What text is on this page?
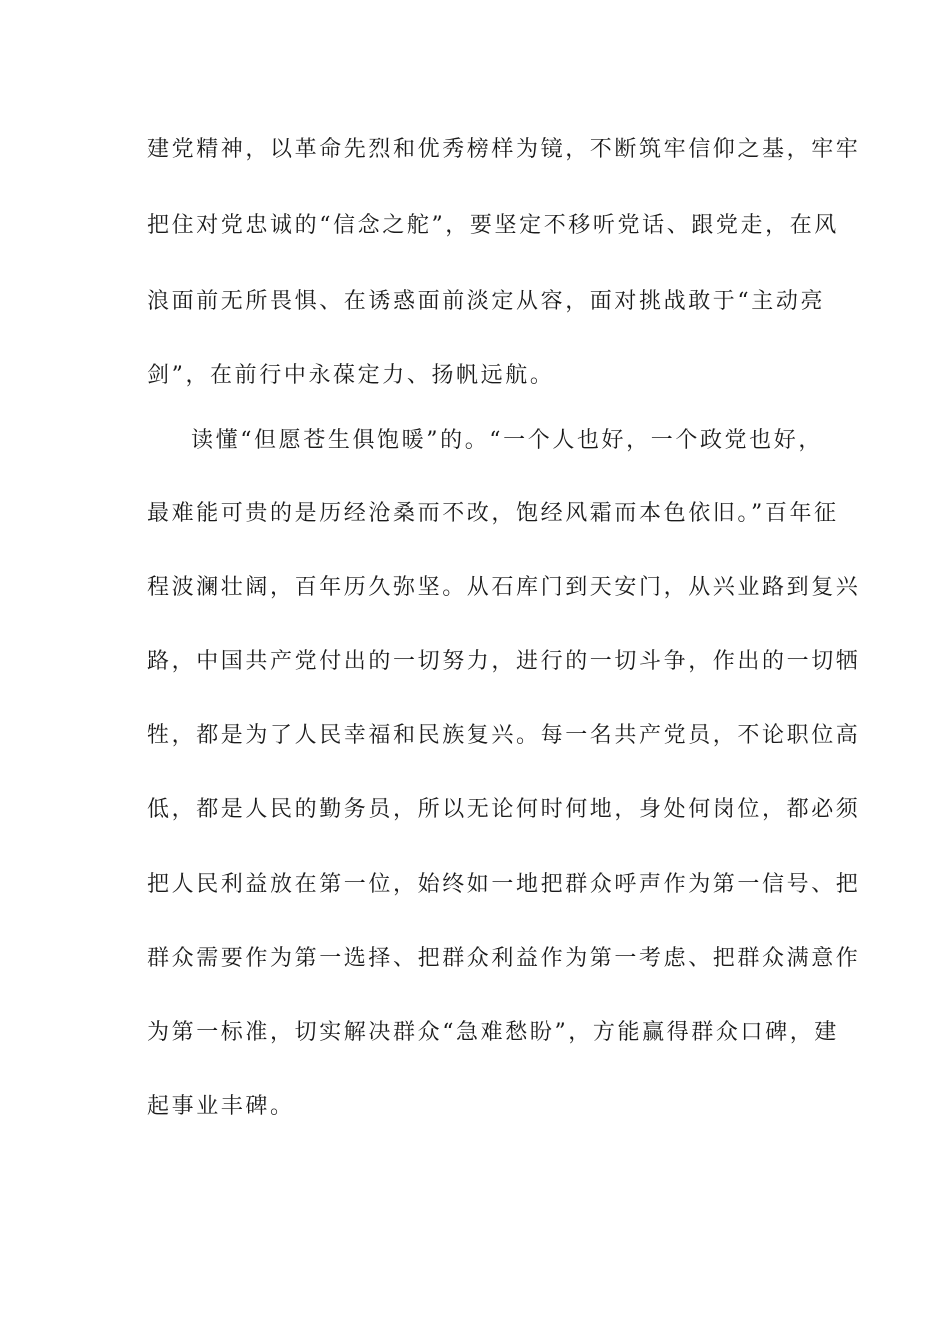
建党精神，以革命先烈和优秀榜样为镜，不断筑牢信仰之基，牢牢
把住对党忠诚的“信念之舵”，要坚定不移听党话、跟党走，在风
浪面前无所畏惧、在诱惑面前淡定从容，面对挑战敢于“主动亮
剑”，在前行中永葆定力、扬帆远航。
读懂“但愿苍生俱饱暖”的。“一个人也好，一个政党也好，
最难能可贵的是历经沧桑而不改，饱经风霜而本色依旧。”百年征
程波澜壮阔，百年历久弥坚。从石库门到天安门，从兴业路到复兴
路，中国共产党付出的一切努力，进行的一切斗争，作出的一切牺
牲，都是为了人民幸福和民族复兴。每一名共产党员，不论职位高
低，都是人民的勤务员，所以无论何时何地，身处何岗位，都必须
把人民利益放在第一位，始终如一地把群众呼声作为第一信号、把
群众需要作为第一选择、把群众利益作为第一考虑、把群众满意作
为第一标准，切实解决群众“急难愁盼”，方能赢得群众口碑，建
起事业丰碑。
